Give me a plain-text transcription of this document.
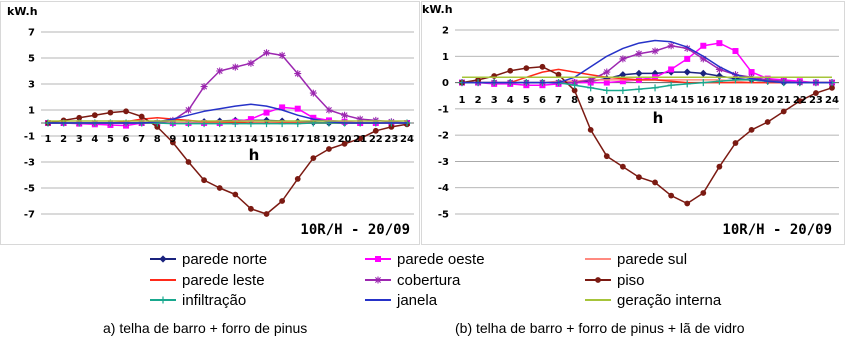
7
5
3
1
-1
-3
-5
-7
kW.h
1 2 3 4 5 6 7 8 9 10 11 12 13 14 15 16 17 18 19 20 21 22 23 24
h
10R/H - 20/09
a) telha de barro + forro de pinus
2
1
0
-1
-2
-3
-4
-5
kW.h
1 2 3 4 5 6 7 8 9 10 11 12 13 14 15 16 17 18 19 20 21 22 23 24
h
10R/H - 20/09
(b) telha de barro + forro de pinus + lã de vidro
parede norte	parede oeste	parede sul
parede leste	cobertura	piso
infiltração	janela	geração interna
